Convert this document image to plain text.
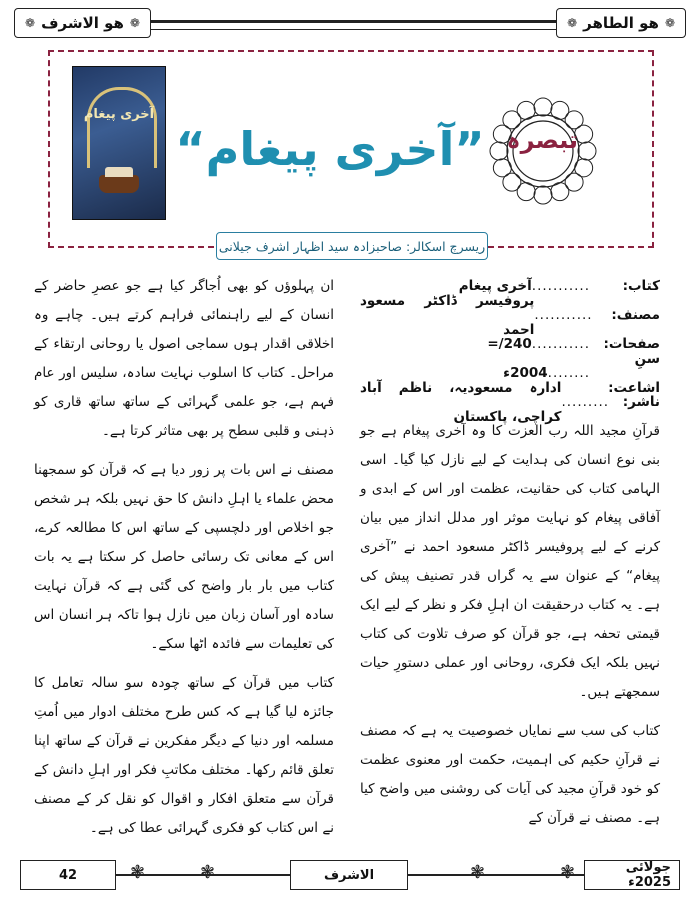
❁
ھو الطاھر
❁
❁
ھو الاشرف
❁
آخری پیغام
”آخری پیغام“ تبصرہ
ریسرچ اسکالر: صاحبزادہ سید اظہار اشرف جیلانی
کتاب:
...........
آخری پیغام
مصنف:
...........
پروفیسر ڈاکٹر مسعود احمد
صفحات:
...........
240/=
سنِ اشاعت:
........
2004ء
ناشر:
.........
ادارہ مسعودیہ، ناظم آباد کراچی، پاکستان

قرآنِ مجید اللہ رب العزت کا وہ آخری پیغام ہے جو بنی نوع انسان کی ہدایت کے لیے نازل کیا گیا۔ اسی الہامی کتاب کی حقانیت، عظمت اور اس کے ابدی و آفاقی پیغام کو نہایت موثر اور مدلل انداز میں بیان کرنے کے لیے پروفیسر ڈاکٹر مسعود احمد نے ”آخری پیغام“ کے عنوان سے یہ گراں قدر تصنیف پیش کی ہے۔ یہ کتاب درحقیقت ان اہلِ فکر و نظر کے لیے ایک قیمتی تحفہ ہے، جو قرآن کو صرف تلاوت کی کتاب نہیں بلکہ ایک فکری، روحانی اور عملی دستورِ حیات سمجھتے ہیں۔

کتاب کی سب سے نمایاں خصوصیت یہ ہے کہ مصنف نے قرآنِ حکیم کی اہمیت، حکمت اور معنوی عظمت کو خود قرآنِ مجید کی آیات کی روشنی میں واضح کیا ہے۔ مصنف نے قرآن کے

ان پہلوؤں کو بھی اُجاگر کیا ہے جو عصرِ حاضر کے انسان کے لیے راہنمائی فراہم کرتے ہیں۔ چاہے وہ اخلاقی اقدار ہوں سماجی اصول یا روحانی ارتقاء کے مراحل۔ کتاب کا اسلوب نہایت سادہ، سلیس اور عام فہم ہے، جو علمی گہرائی کے ساتھ ساتھ قاری کو ذہنی و قلبی سطح پر بھی متاثر کرتا ہے۔

مصنف نے اس بات پر زور دیا ہے کہ قرآن کو سمجھنا محض علماء یا اہلِ دانش کا حق نہیں بلکہ ہر شخص جو اخلاص اور دلچسپی کے ساتھ اس کا مطالعہ کرے، اس کے معانی تک رسائی حاصل کر سکتا ہے یہ بات کتاب میں بار بار واضح کی گئی ہے کہ قرآن نہایت سادہ اور آسان زبان میں نازل ہوا تاکہ ہر انسان اس کی تعلیمات سے فائدہ اٹھا سکے۔

کتاب میں قرآن کے ساتھ چودہ سو سالہ تعامل کا جائزہ لیا گیا ہے کہ کس طرح مختلف ادوار میں اُمتِ مسلمہ اور دنیا کے دیگر مفکرین نے قرآن کے ساتھ اپنا تعلق قائم رکھا۔ مختلف مکاتبِ فکر اور اہلِ دانش کے قرآن سے متعلق افکار و اقوال کو نقل کر کے مصنف نے اس کتاب کو فکری گہرائی عطا کی ہے۔

جولائی 2025ء
❃
❃
الاشرف
❃
❃
42
